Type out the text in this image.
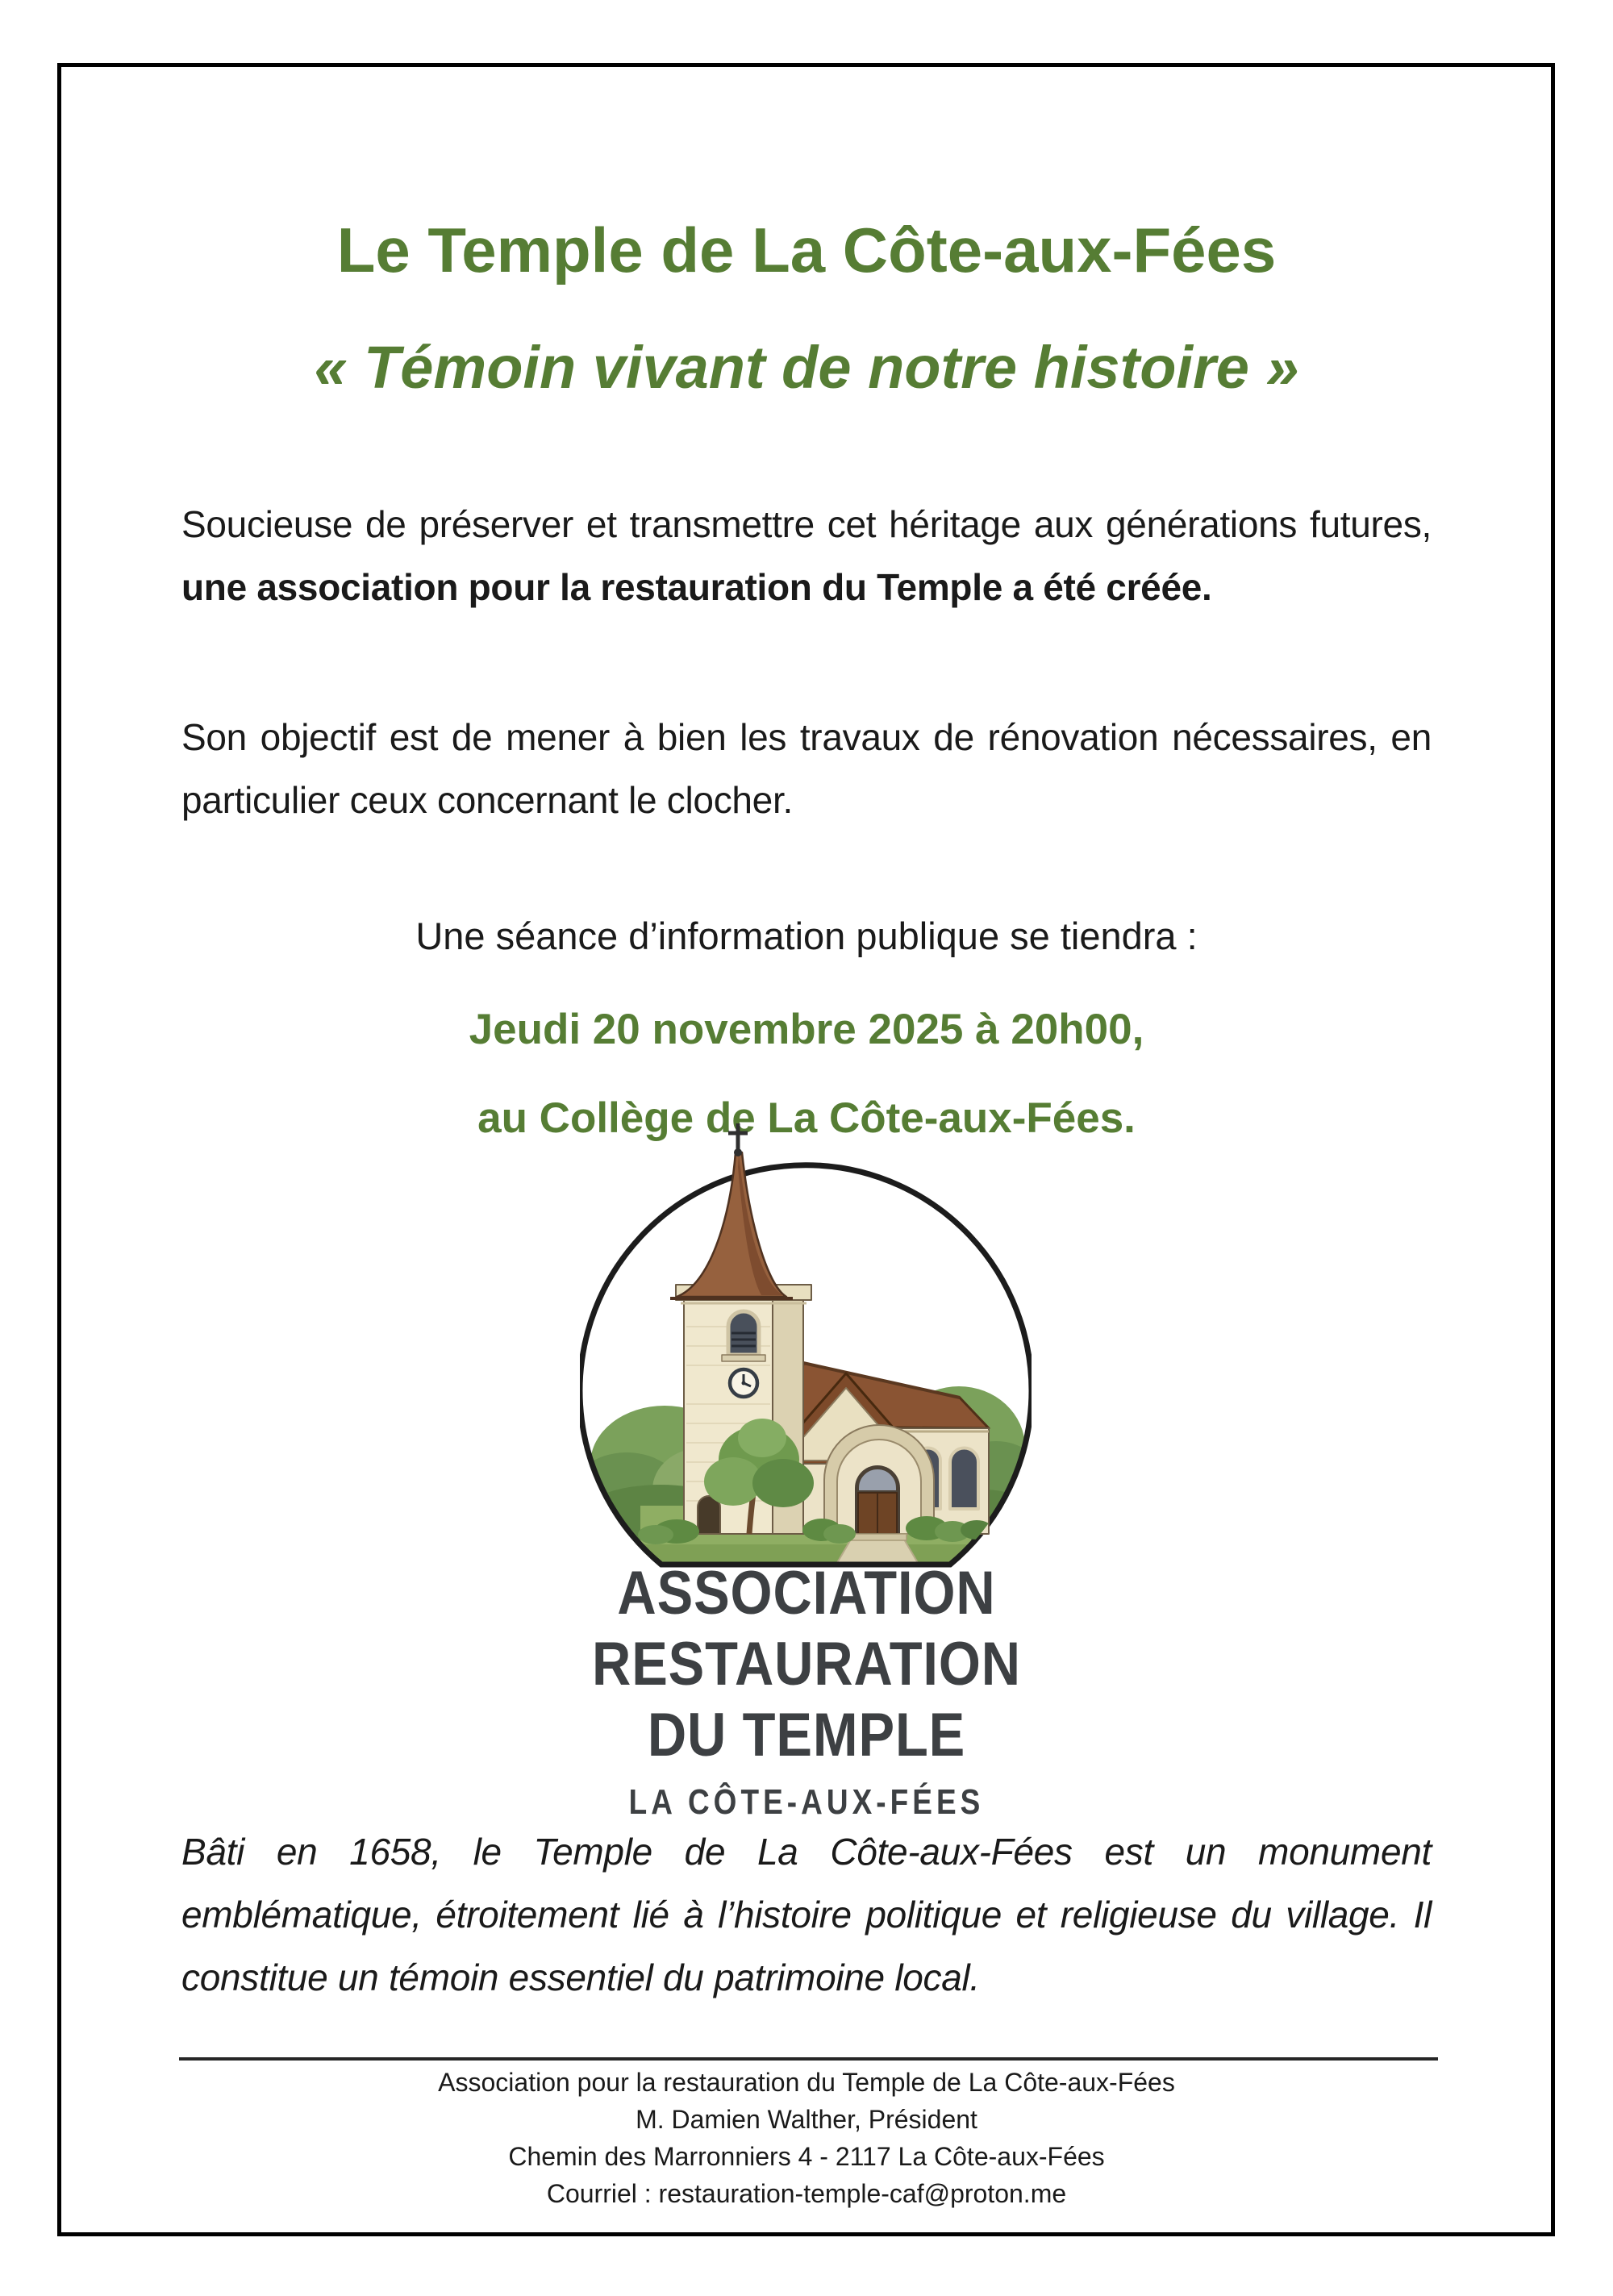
Le Temple de La Côte-aux-Fées
« Témoin vivant de notre histoire »

Soucieuse de préserver et transmettre cet héritage aux générations futures, une association pour la restauration du Temple a été créée.

Son objectif est de mener à bien les travaux de rénovation nécessaires, en particulier ceux concernant le clocher.

Une séance d’information publique se tiendra :

Jeudi 20 novembre 2025 à 20h00,

au Collège de La Côte-aux-Fées.

ASSOCIATION
RESTAURATION
DU TEMPLE
LA CÔTE-AUX-FÉES

Bâti en 1658, le Temple de La Côte-aux-Fées est un monument emblématique, étroitement lié à l’histoire politique et religieuse du village. Il constitue un témoin essentiel du patrimoine local.

Association pour la restauration du Temple de La Côte-aux-Fées
M. Damien Walther, Président
Chemin des Marronniers 4 - 2117 La Côte-aux-Fées
Courriel : restauration-temple-caf@proton.me
